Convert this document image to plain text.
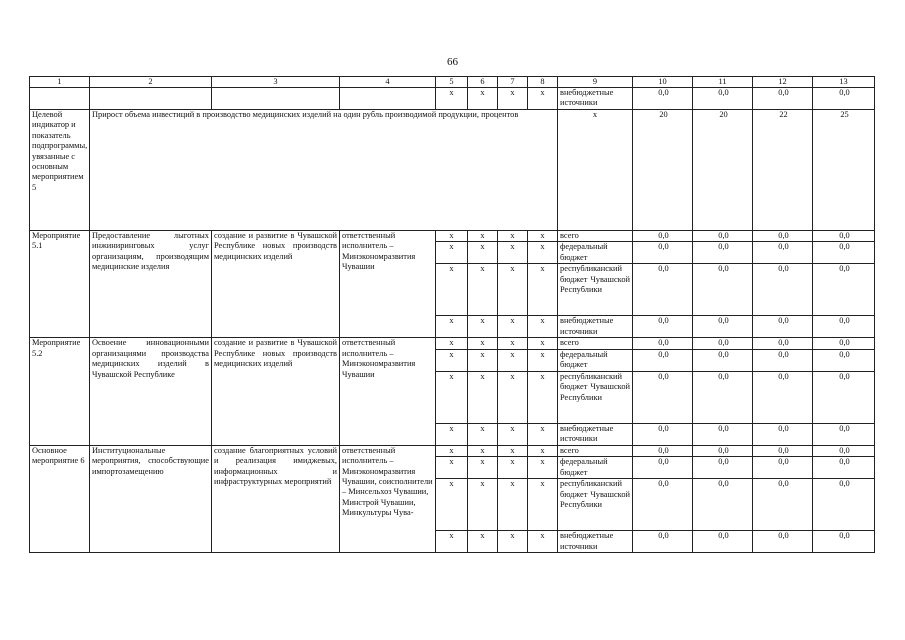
66
1	2	3	4	5	6	7	8	9	10	11	12	13
				x	x	x	x	внебюджетные источники	0,0	0,0	0,0	0,0
Целевой индикатор и показатель подпрограммы, увязанные с основным мероприятием 5	Прирост объема инвестиций в производство медицинских изделий на один рубль производимой продукции, процентов							x	20	20	22	25
Мероприятие 5.1	Предоставление лыготных инжиниринговых услуг организациям, производящим медицинские изделия	создание и развитие в Чувашской Республике новых производств медицинских изделий	ответственный исполнитель – Минэкономразвития Чувашии	x	x	x	x	всего	0,0	0,0	0,0	0,0
				x	x	x	x	федеральный бюджет	0,0	0,0	0,0	0,0
				x	x	x	x	республиканский бюджет Чувашской Республики	0,0	0,0	0,0	0,0
				x	x	x	x	внебюджетные источники	0,0	0,0	0,0	0,0
Мероприятие 5.2	Освоение инновационными организациями производства медицинских изделий в Чувашской Республике	создание и развитие в Чувашской Республике новых производств медицинских изделий	ответственный исполнитель – Минэкономразвития Чувашии	x	x	x	x	всего	0,0	0,0	0,0	0,0
				x	x	x	x	федеральный бюджет	0,0	0,0	0,0	0,0
				x	x	x	x	республиканский бюджет Чувашской Республики	0,0	0,0	0,0	0,0
				x	x	x	x	внебюджетные источники	0,0	0,0	0,0	0,0
Основное мероприятие 6	Институциональные мероприятия, способствующие импортозамещению	создание благоприятных условий и реализация имиджевых, информационных и инфраструктурных мероприятий	ответственный исполнитель – Минэкономразвития Чувашии, соисполнители – Минсельхоз Чувашии, Минстрой Чувашии, Минкультуры Чува-	x	x	x	x	всего	0,0	0,0	0,0	0,0
				x	x	x	x	федеральный бюджет	0,0	0,0	0,0	0,0
				x	x	x	x	республиканский бюджет Чувашской Республики	0,0	0,0	0,0	0,0
				x	x	x	x	внебюджетные источники	0,0	0,0	0,0	0,0
